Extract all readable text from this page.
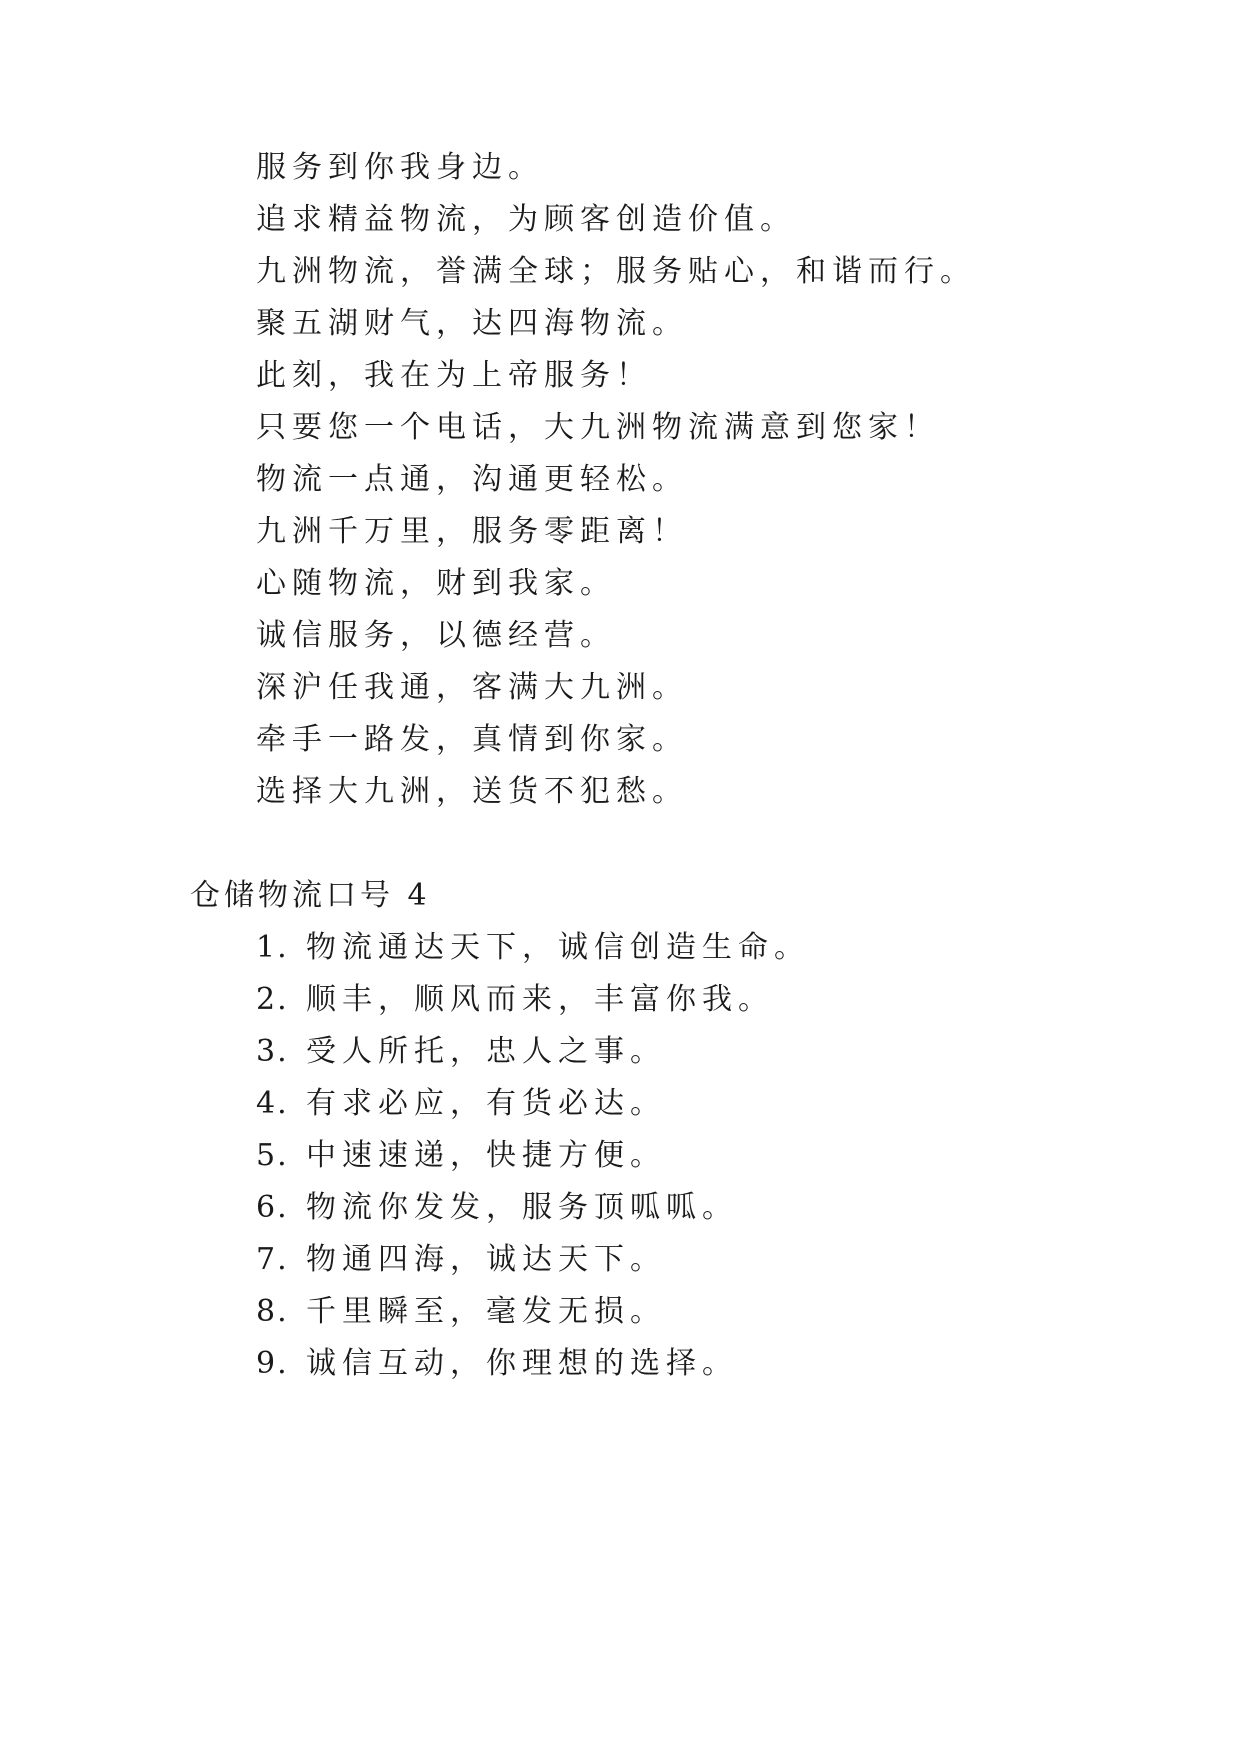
服务到你我身边。
追求精益物流，为顾客创造价值。
九洲物流，誉满全球；服务贴心，和谐而行。
聚五湖财气，达四海物流。
此刻，我在为上帝服务！
只要您一个电话，大九洲物流满意到您家！
物流一点通，沟通更轻松。
九洲千万里，服务零距离！
心随物流，财到我家。
诚信服务，以德经营。
深沪任我通，客满大九洲。
牵手一路发，真情到你家。
选择大九洲，送货不犯愁。
仓储物流口号 4
1. 物流通达天下，诚信创造生命。
2. 顺丰，顺风而来，丰富你我。
3. 受人所托，忠人之事。
4. 有求必应，有货必达。
5. 中速速递，快捷方便。
6. 物流你发发，服务顶呱呱。
7. 物通四海，诚达天下。
8. 千里瞬至，毫发无损。
9. 诚信互动，你理想的选择。
